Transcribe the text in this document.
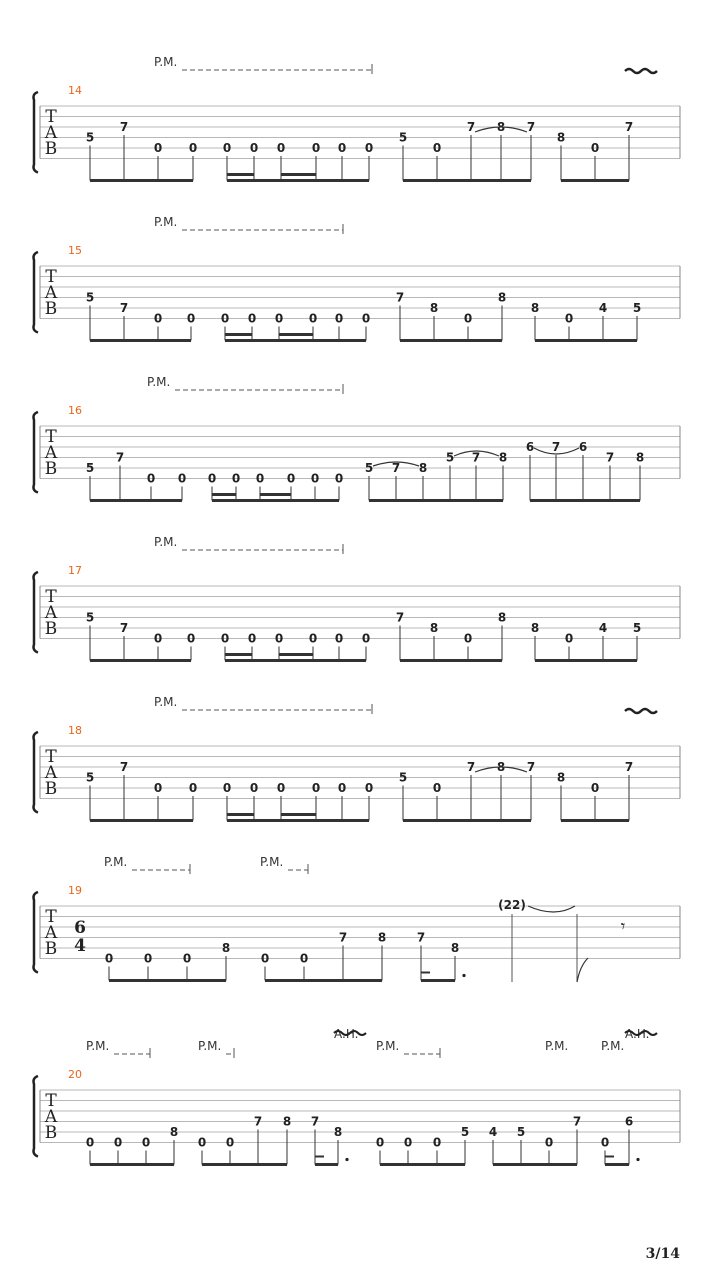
T
A
B
14
P.M.
5
7
0 0 0 0 0 0 0 0
5
0
7 8 7
8
0
7
T
A
B
15
P.M.
5
7
0 0 0 0 0 0 0 0
7
8
0
8
8
0
4 5
T
A
B
16
P.M.
5
7
0 0 0 0 0 0 0 0
5 7 8
5 7 8
6 7 6
7 8
T
A
B
17
P.M.
5
7
0 0 0 0 0 0 0 0
7
8
0
8
8
0
4 5
T
A
B
18
P.M.
5
7
0 0 0 0 0 0 0 0
5
0
7 8 7
8
0
7
T
A
B
19
6
4
P.M.	P.M.
0	0	0
8
0	0
7	8	7
8
(22)
𝄾
T
A
B
20
P.M.	P.M.	P.M.	P.M.	P.M.
A.H.	A.H.
0 0 0
8
0 0
7 8 7
8
0 0 0
5 4 5
0
7
0
6
3/14
